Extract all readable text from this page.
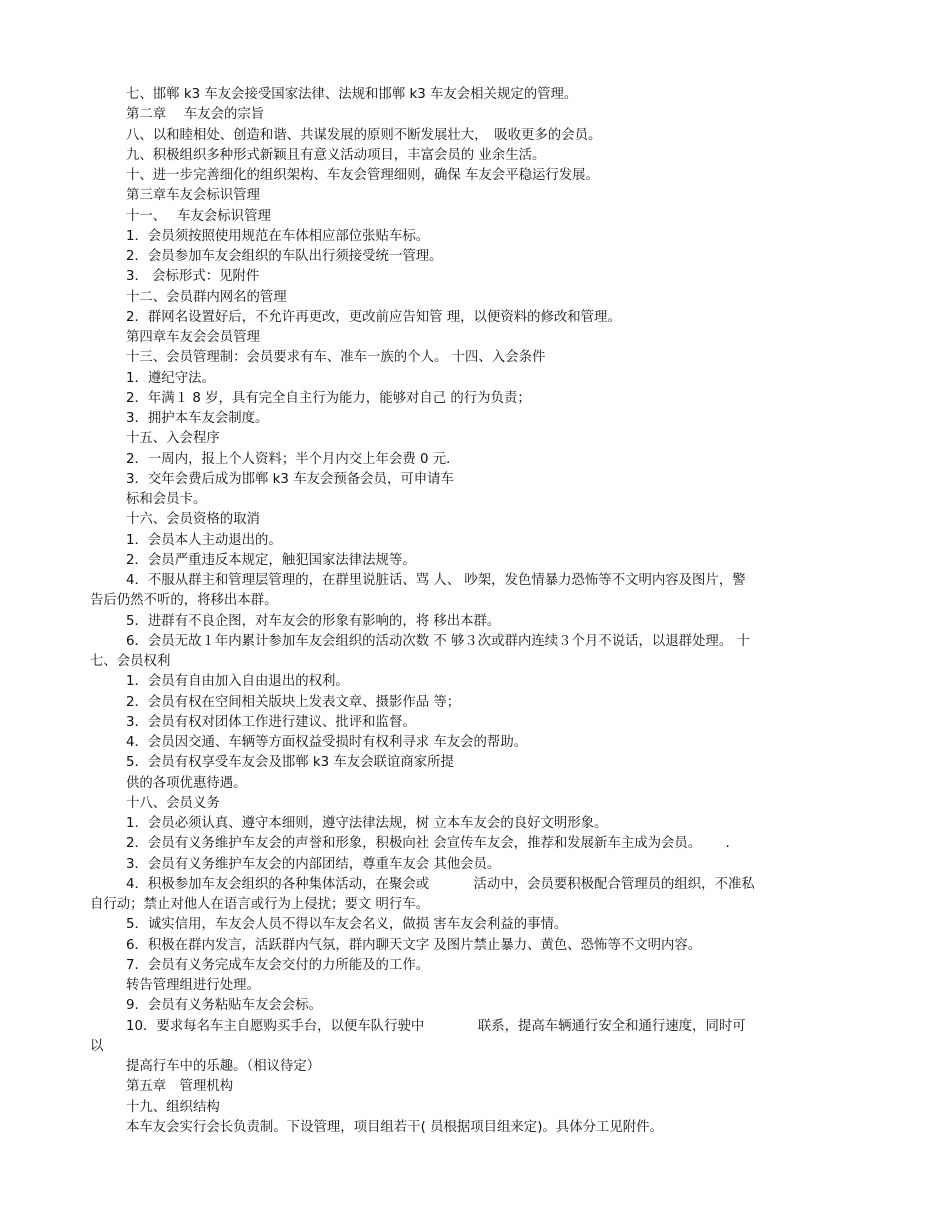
七、邯郸 k3 车友会接受国家法律、法规和邯郸 k3 车友会相关规定的管理。
第二章　 车友会的宗旨
八、以和睦相处、创造和谐、共谋发展的原则不断发展壮大，　吸收更多的会员。
九、积极组织多种形式新颖且有意义活动项目，丰富会员的 业余生活。
十、进一步完善细化的组织架构、车友会管理细则，确保 车友会平稳运行发展。
第三章车友会标识管理
十一、　 车友会标识管理
1．会员须按照使用规范在车体相应部位张贴车标。
2．会员参加车友会组织的车队出行须接受统一管理。
3． 会标形式：见附件
十二、会员群内网名的管理
2．群网名设置好后，不允许再更改，更改前应告知管 理，以便资料的修改和管理。
第四章车友会会员管理
十三、会员管理制：会员要求有车、准车一族的个人。 十四、入会条件
1．遵纪守法。
2．年满１ 8 岁，具有完全自主行为能力，能够对自己 的行为负责；
3．拥护本车友会制度。
十五、入会程序
2．一周内，报上个人资料；半个月内交上年会费 0 元．
3．交年会费后成为邯郸 k3 车友会预备会员，可申请车
标和会员卡。
十六、会员资格的取消
1．会员本人主动退出的。
2．会员严重违反本规定，触犯国家法律法规等。
4．不服从群主和管理层管理的，在群里说脏话、骂 人、 吵架，发色情暴力恐怖等不文明内容及图片，警
告后仍然不听的，将移出本群。
5．进群有不良企图，对车友会的形象有影响的，将 移出本群。
6．会员无故１年内累计参加车友会组织的活动次数 不 够３次或群内连续３个月不说话，以退群处理。 十
七、会员权利
1．会员有自由加入自由退出的权利。
2．会员有权在空间相关版块上发表文章、摄影作品 等；
3．会员有权对团体工作进行建议、批评和监督。
4．会员因交通、车辆等方面权益受损时有权利寻求 车友会的帮助。
5．会员有权享受车友会及邯郸 k3 车友会联谊商家所提
供的各项优惠待遇。
十八、会员义务
1．会员必须认真、遵守本细则，遵守法律法规，树 立本车友会的良好文明形象。
2．会员有义务维护车友会的声誉和形象，积极向社 会宣传车友会，推荐和发展新车主成为会员。　　 .
3．会员有义务维护车友会的内部团结，尊重车友会 其他会员。
4．积极参加车友会组织的各种集体活动，在聚会或　　　 活动中，会员要积极配合管理员的组织，不准私
自行动；禁止对他人在语言或行为上侵扰；要文 明行车。
5．诚实信用，车友会人员不得以车友会名义，做损 害车友会利益的事情。
6．积极在群内发言，活跃群内气氛，群内聊天文字 及图片禁止暴力、黄色、恐怖等不文明内容。
7．会员有义务完成车友会交付的力所能及的工作。
转告管理组进行处理。
9．会员有义务粘贴车友会会标。
10．要求每名车主自愿购买手台，以便车队行驶中　　　　联系，提高车辆通行安全和通行速度，同时可
以
提高行车中的乐趣。（相议待定）
第五章　管理机构
十九、组织结构
本车友会实行会长负责制。下设管理，项目组若干( 员根据项目组来定)。具体分工见附件。
